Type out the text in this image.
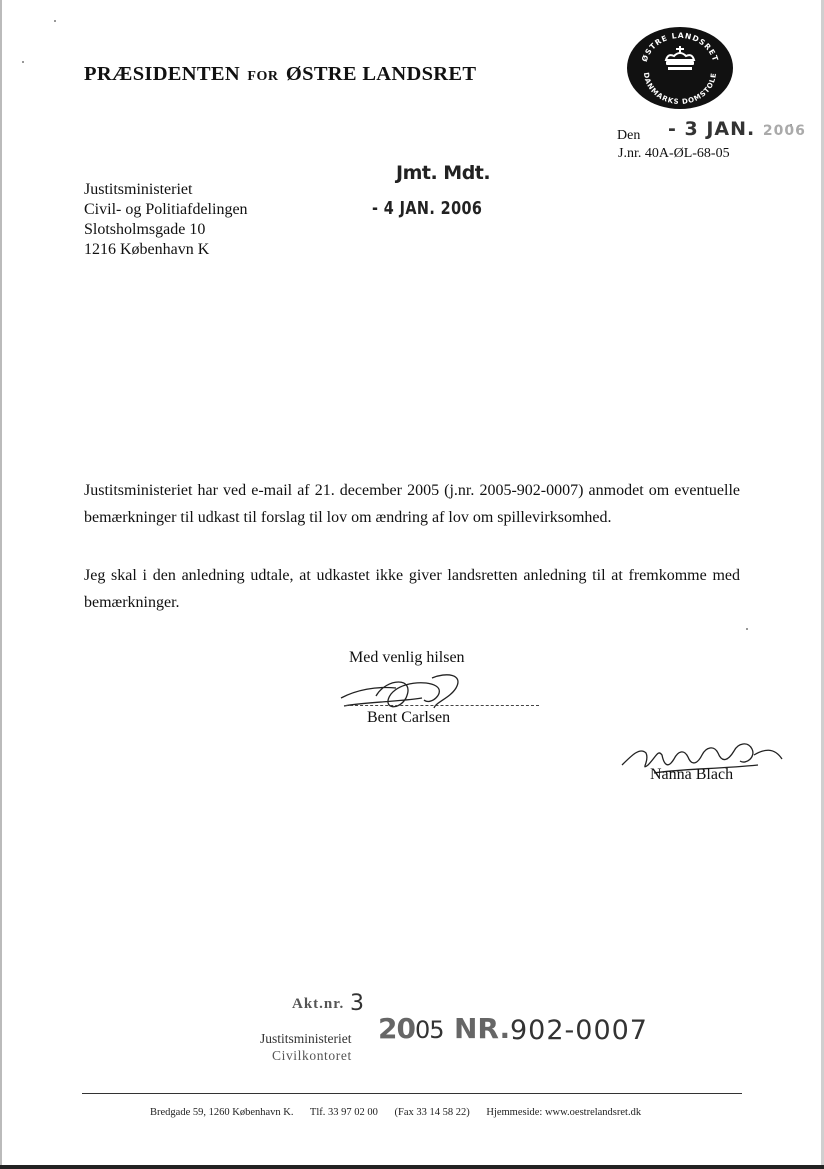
PRÆSIDENTEN FOR ØSTRE LANDSRET
ØSTRE LANDSRET
DANMARKS DOMSTOLE
Den - 3 JAN. 2006
J.nr. 40A-ØL-68-05
Justitsministeriet
Civil- og Politiafdelingen
Slotsholmsgade 10
1216 København K
Jmt. Mdt.
- 4 JAN. 2006
Justitsministeriet har ved e-mail af 21. december 2005 (j.nr. 2005-902-0007) anmodet om eventuelle bemærkninger til udkast til forslag til lov om ændring af lov om spillevirksomhed.
Jeg skal i den anledning udtale, at udkastet ikke giver landsretten anledning til at fremkomme med bemærkninger.
Med venlig hilsen
Bent Carlsen
Nanna Blach
Akt.nr. 3
Justitsministeriet
Civilkontoret
2005 NR. 902-0007
Bredgade 59, 1260 København K. Tlf. 33 97 02 00 (Fax 33 14 58 22) Hjemmeside: www.oestrelandsret.dk
